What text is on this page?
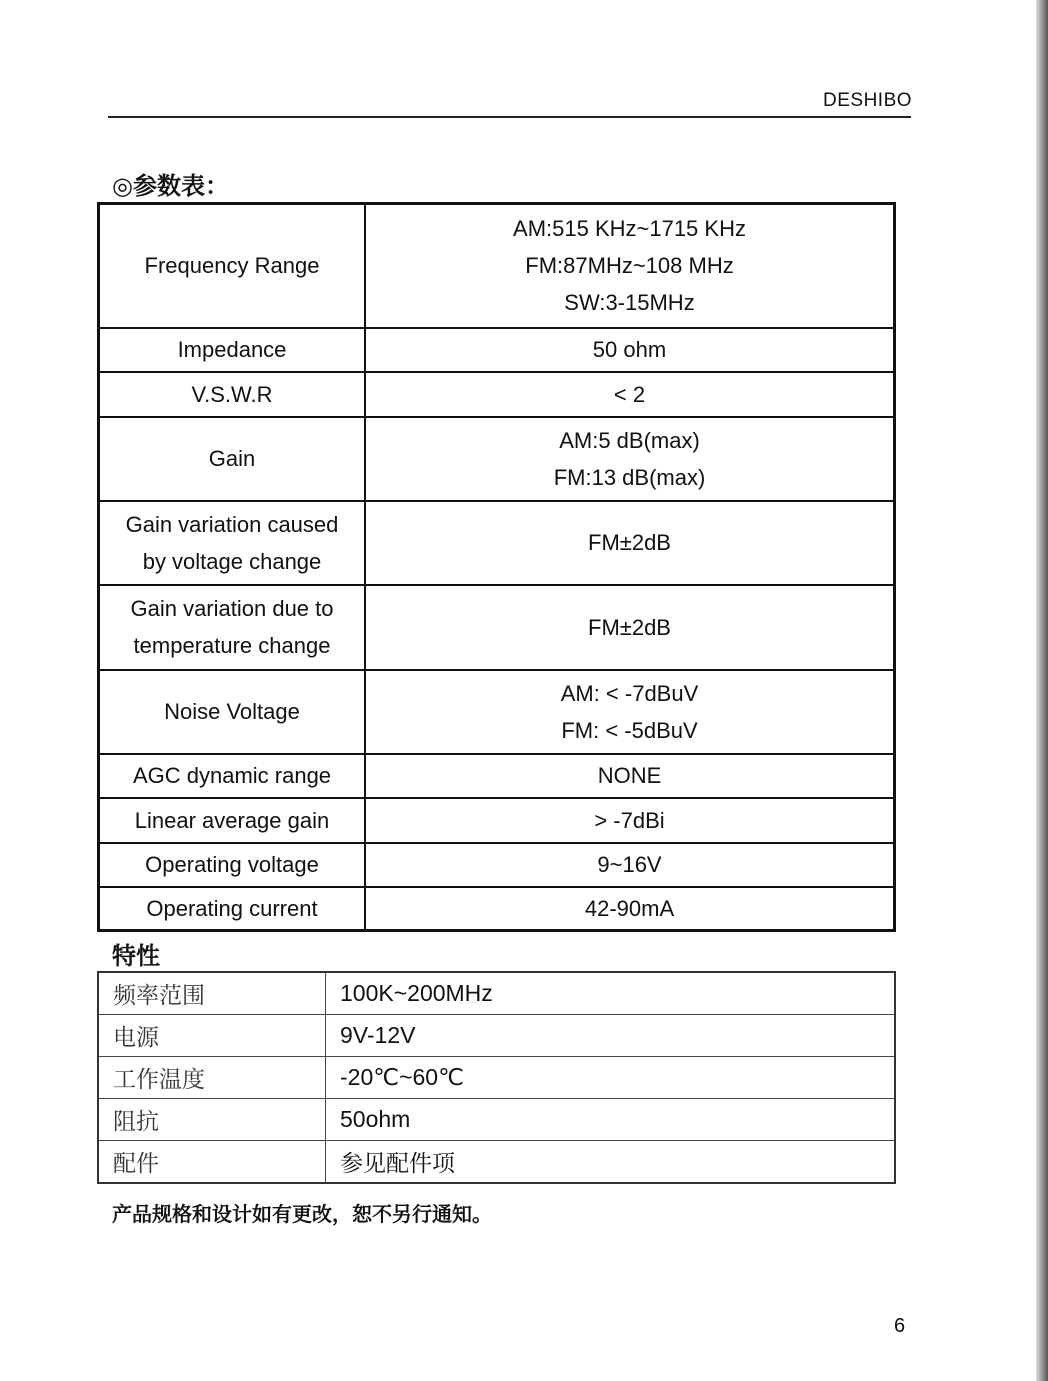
DESHIBO
◎参数表：
Frequency Range	AM:515 KHz~1715 KHz
FM:87MHz~108 MHz
SW:3-15MHz

Impedance	50 ohm

V.S.W.R	< 2

Gain	AM:5 dB(max)
FM:13 dB(max)

Gain variation caused
by voltage change	FM±2dB

Gain variation due to
temperature change	FM±2dB

Noise Voltage	AM: < -7dBuV
FM: < -5dBuV

AGC dynamic range	NONE

Linear average gain	> -7dBi

Operating voltage	9~16V

Operating current	42-90mA
特性
频率范围	100K~200MHz
电源	9V-12V
工作温度	-20℃~60℃
阻抗	50ohm
配件	参见配件项
产品规格和设计如有更改，恕不另行通知。
6
